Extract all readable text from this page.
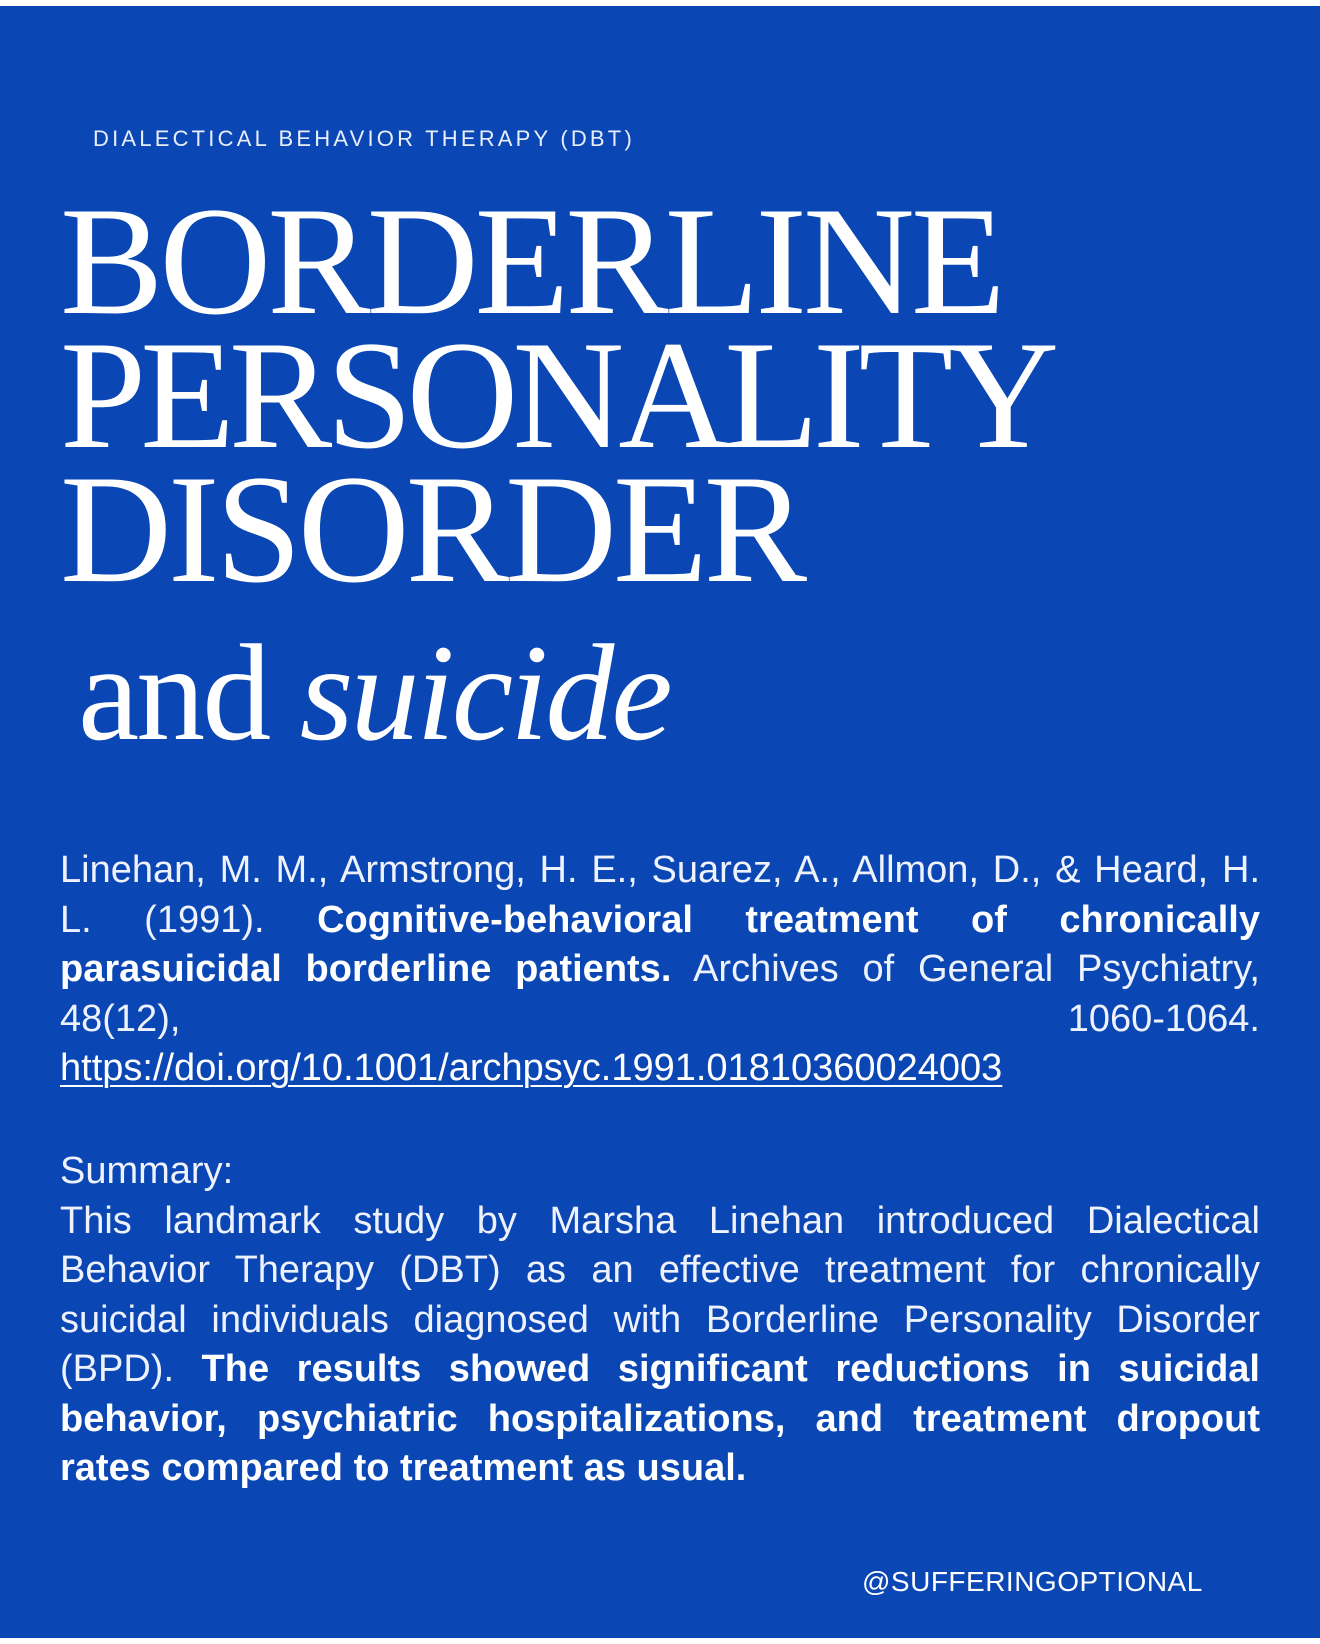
DIALECTICAL BEHAVIOR THERAPY (DBT)
BORDERLINE
PERSONALITY
DISORDER
and suicide

Linehan, M. M., Armstrong, H. E., Suarez, A., Allmon, D., & Heard, H. L. (1991). Cognitive-behavioral treatment of chronically parasuicidal borderline patients. Archives of General Psychiatry, 48(12), 1060-1064. https://doi.org/10.1001/archpsyc.1991.01810360024003

Summary:
This landmark study by Marsha Linehan introduced Dialectical Behavior Therapy (DBT) as an effective treatment for chronically suicidal individuals diagnosed with Borderline Personality Disorder (BPD). The results showed significant reductions in suicidal behavior, psychiatric hospitalizations, and treatment dropout rates compared to treatment as usual.

@SUFFERINGOPTIONAL
